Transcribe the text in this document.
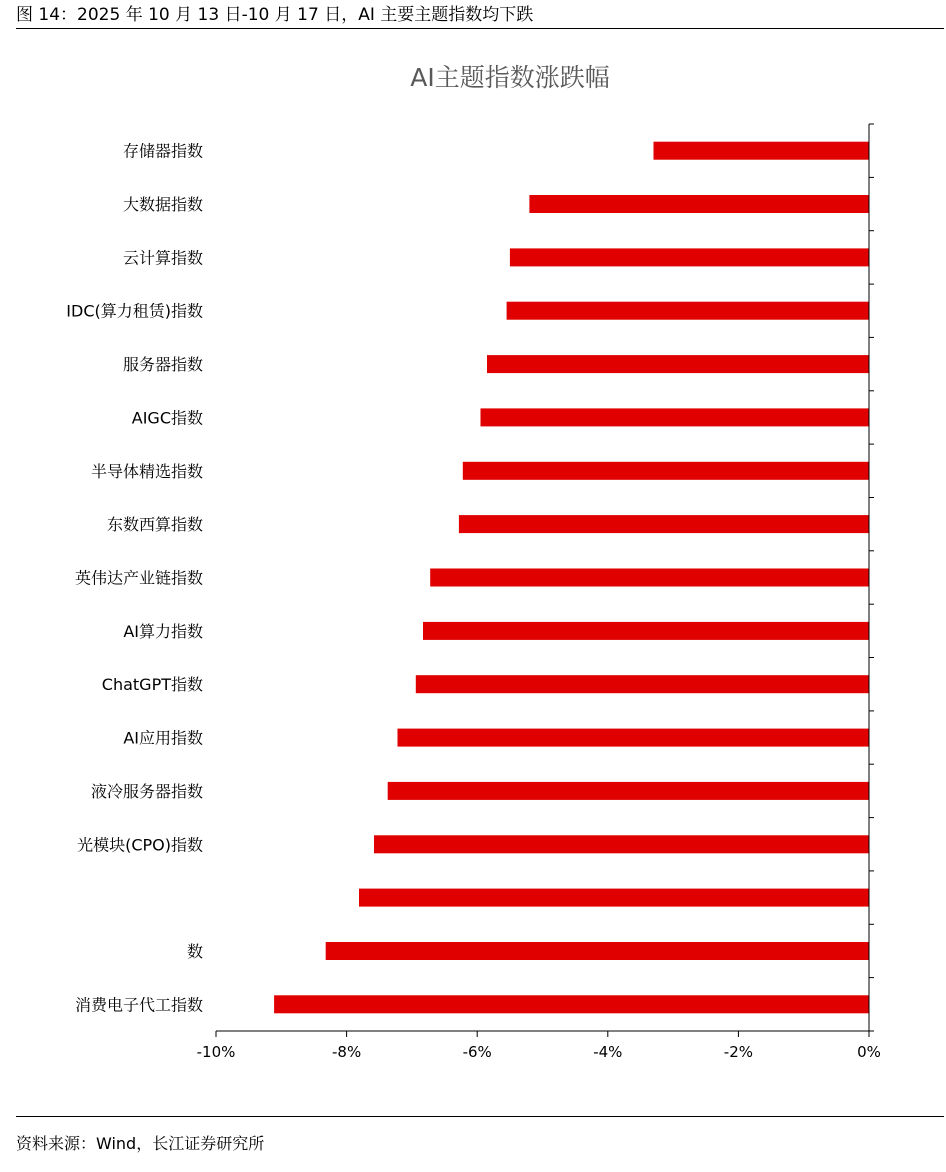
图 14：2025 年 10 月 13 日-10 月 17 日，AI 主要主题指数均下跌
AI主题指数涨跌幅
存储器指数
大数据指数
云计算指数
IDC(算力租赁)指数
服务器指数
AIGC指数
半导体精选指数
东数西算指数
英伟达产业链指数
AI算力指数
ChatGPT指数
AI应用指数
液冷服务器指数
光模块(CPO)指数
数
消费电子代工指数
-10%	-8%	-6%	-4%	-2%	0%
资料来源：Wind，长江证券研究所
